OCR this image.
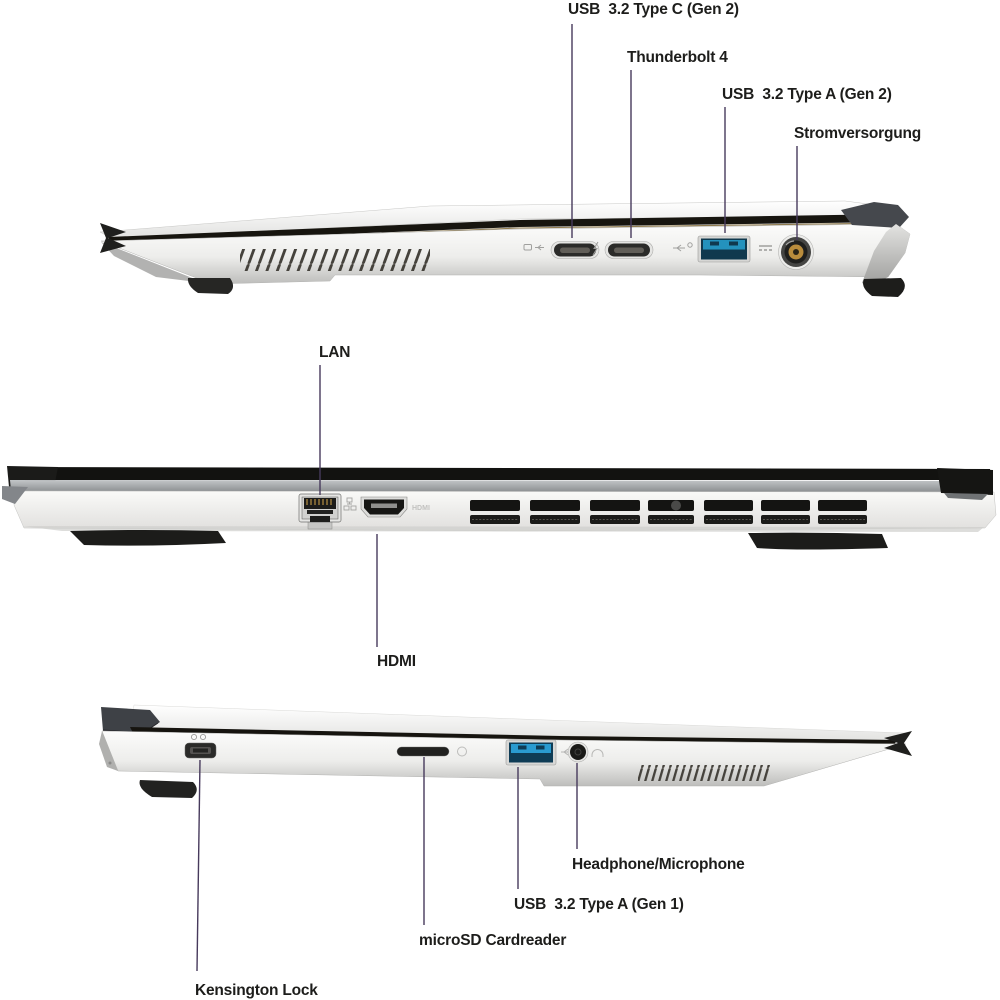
HDMI
USB  3.2 Type C (Gen 2)
Thunderbolt 4
USB  3.2 Type A (Gen 2)
Stromversorgung
LAN
HDMI
Headphone/Microphone
USB  3.2 Type A (Gen 1)
microSD Cardreader
Kensington Lock
